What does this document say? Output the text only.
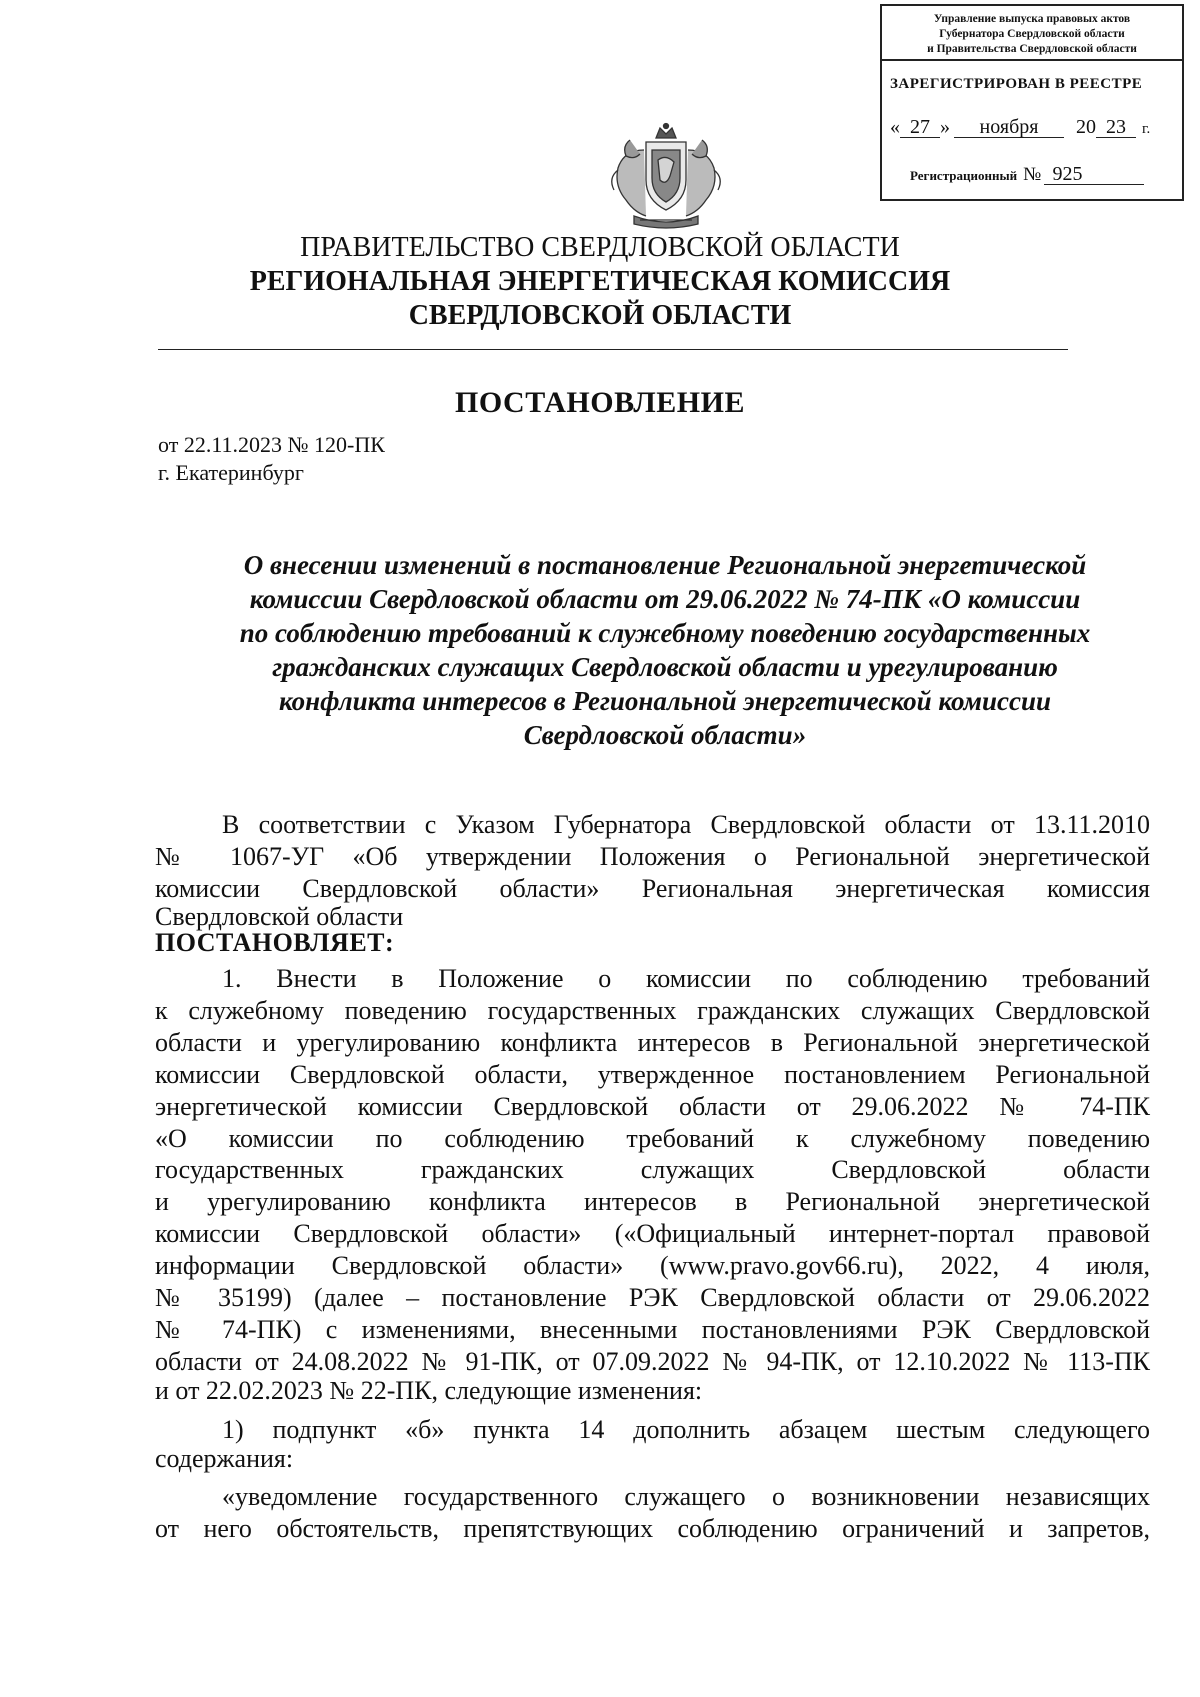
Управление выпуска правовых актов
Губернатора Свердловской области
и Правительства Свердловской области
ЗАРЕГИСТРИРОВАН В РЕЕСТРЕ
« 27 » ноября 20 23 г.
Регистрационный № 925
ПРАВИТЕЛЬСТВО СВЕРДЛОВСКОЙ ОБЛАСТИ
РЕГИОНАЛЬНАЯ ЭНЕРГЕТИЧЕСКАЯ КОМИССИЯ
СВЕРДЛОВСКОЙ ОБЛАСТИ
ПОСТАНОВЛЕНИЕ
от 22.11.2023 № 120-ПК
г. Екатеринбург
О внесении изменений в постановление Региональной энергетической
комиссии Свердловской области от 29.06.2022 № 74-ПК «О комиссии
по соблюдению требований к служебному поведению государственных
гражданских служащих Свердловской области и урегулированию
конфликта интересов в Региональной энергетической комиссии
Свердловской области»
В соответствии с Указом Губернатора Свердловской области от 13.11.2010
№ 1067-УГ «Об утверждении Положения о Региональной энергетической
комиссии Свердловской области» Региональная энергетическая комиссия
Свердловской области
ПОСТАНОВЛЯЕТ:
1. Внести в Положение о комиссии по соблюдению требований
к служебному поведению государственных гражданских служащих Свердловской
области и урегулированию конфликта интересов в Региональной энергетической
комиссии Свердловской области, утвержденное постановлением Региональной
энергетической комиссии Свердловской области от 29.06.2022 № 74-ПК
«О комиссии по соблюдению требований к служебному поведению
государственных гражданских служащих Свердловской области
и урегулированию конфликта интересов в Региональной энергетической
комиссии Свердловской области» («Официальный интернет-портал правовой
информации Свердловской области» (www.pravo.gov66.ru), 2022, 4 июля,
№ 35199) (далее – постановление РЭК Свердловской области от 29.06.2022
№ 74-ПК) с изменениями, внесенными постановлениями РЭК Свердловской
области от 24.08.2022 № 91-ПК, от 07.09.2022 № 94-ПК, от 12.10.2022 № 113-ПК
и от 22.02.2023 № 22-ПК, следующие изменения:
1) подпункт «б» пункта 14 дополнить абзацем шестым следующего
содержания:
«уведомление государственного служащего о возникновении независящих
от него обстоятельств, препятствующих соблюдению ограничений и запретов,
